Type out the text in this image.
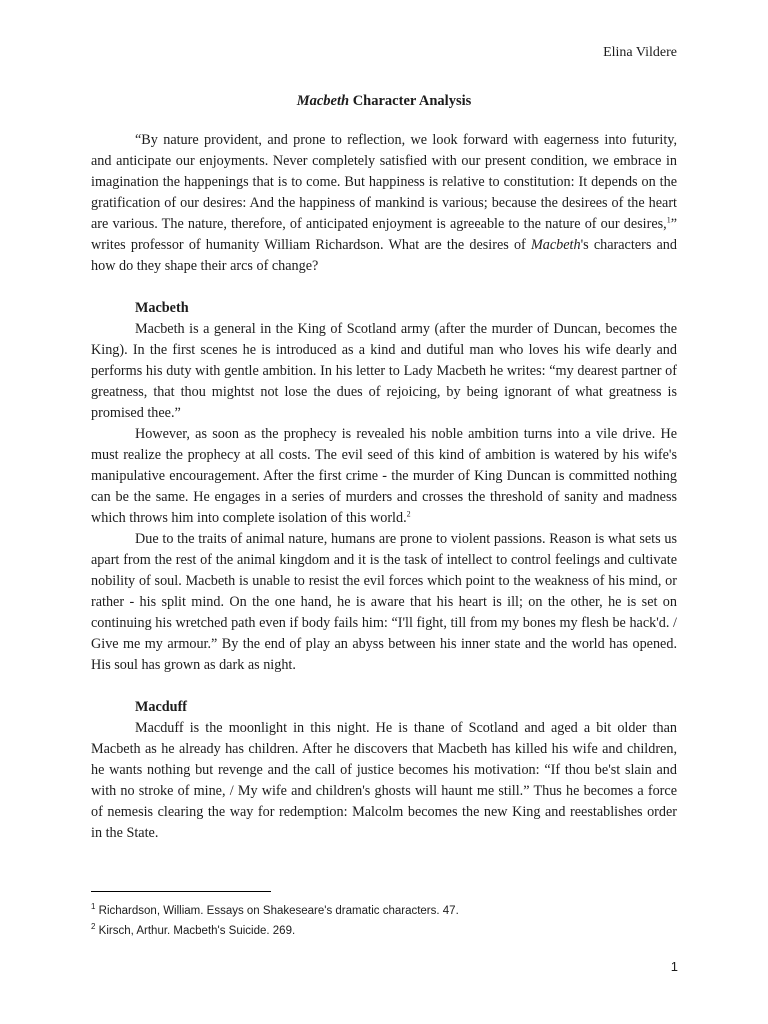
Elina Vildere
Macbeth Character Analysis

“By nature provident, and prone to reflection, we look forward with eagerness into futurity, and anticipate our enjoyments. Never completely satisfied with our present condition, we embrace in imagination the happenings that is to come. But happiness is relative to constitution: It depends on the gratification of our desires: And the happiness of mankind is various; because the desirees of the heart are various. The nature, therefore, of anticipated enjoyment is agreeable to the nature of our desires,$^1$” writes professor of humanity William Richardson. What are the desires of Macbeth's characters and how do they shape their arcs of change?

Macbeth

Macbeth is a general in the King of Scotland army (after the murder of Duncan, becomes the King). In the first scenes he is introduced as a kind and dutiful man who loves his wife dearly and performs his duty with gentle ambition. In his letter to Lady Macbeth he writes: “my dearest partner of greatness, that thou mightst not lose the dues of rejoicing, by being ignorant of what greatness is promised thee.”

However, as soon as the prophecy is revealed his noble ambition turns into a vile drive. He must realize the prophecy at all costs. The evil seed of this kind of ambition is watered by his wife's manipulative encouragement. After the first crime - the murder of King Duncan is committed nothing can be the same. He engages in a series of murders and crosses the threshold of sanity and madness which throws him into complete isolation of this world.$^2$

Due to the traits of animal nature, humans are prone to violent passions. Reason is what sets us apart from the rest of the animal kingdom and it is the task of intellect to control feelings and cultivate nobility of soul. Macbeth is unable to resist the evil forces which point to the weakness of his mind, or rather - his split mind. On the one hand, he is aware that his heart is ill; on the other, he is set on continuing his wretched path even if body fails him: “I'll fight, till from my bones my flesh be hack'd. / Give me my armour.” By the end of play an abyss between his inner state and the world has opened. His soul has grown as dark as night.

Macduff

Macduff is the moonlight in this night. He is thane of Scotland and aged a bit older than Macbeth as he already has children. After he discovers that Macbeth has killed his wife and children, he wants nothing but revenge and the call of justice becomes his motivation: “If thou be'st slain and with no stroke of mine, / My wife and children's ghosts will haunt me still.” Thus he becomes a force of nemesis clearing the way for redemption: Malcolm becomes the new King and reestablishes order in the State.

$^1$ Richardson, William. Essays on Shakeseare's dramatic characters. 47.
$^2$ Kirsch, Arthur. Macbeth's Suicide. 269.
1
